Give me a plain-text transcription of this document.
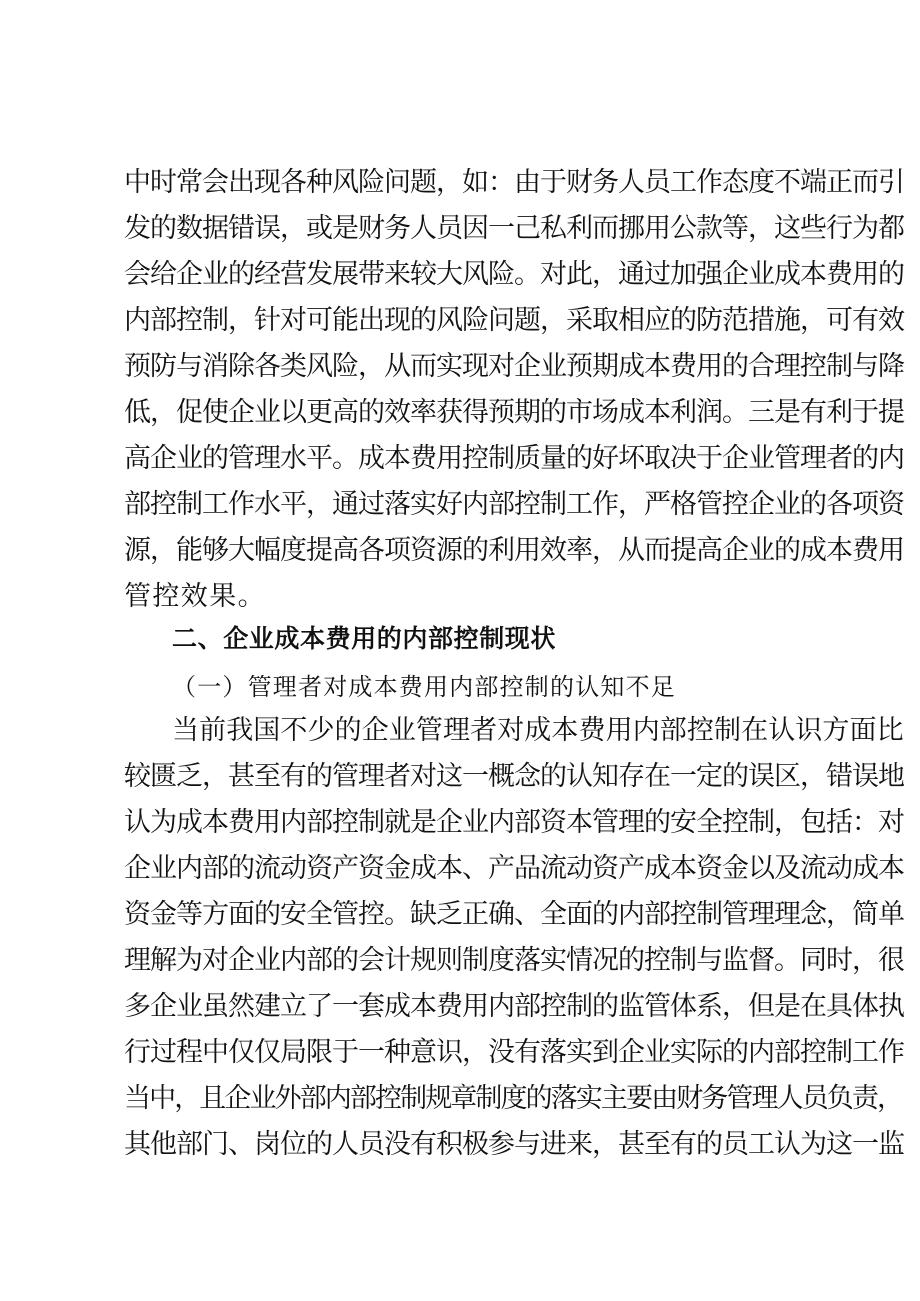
中时常会出现各种风险问题，如：由于财务人员工作态度不端正而引
发的数据错误，或是财务人员因一己私利而挪用公款等，这些行为都
会给企业的经营发展带来较大风险。对此，通过加强企业成本费用的
内部控制，针对可能出现的风险问题，采取相应的防范措施，可有效
预防与消除各类风险，从而实现对企业预期成本费用的合理控制与降
低，促使企业以更高的效率获得预期的市场成本利润。三是有利于提
高企业的管理水平。成本费用控制质量的好坏取决于企业管理者的内
部控制工作水平，通过落实好内部控制工作，严格管控企业的各项资
源，能够大幅度提高各项资源的利用效率，从而提高企业的成本费用
管控效果。
二、企业成本费用的内部控制现状
（一）管理者对成本费用内部控制的认知不足
当前我国不少的企业管理者对成本费用内部控制在认识方面比
较匮乏，甚至有的管理者对这一概念的认知存在一定的误区，错误地
认为成本费用内部控制就是企业内部资本管理的安全控制，包括：对
企业内部的流动资产资金成本、产品流动资产成本资金以及流动成本
资金等方面的安全管控。缺乏正确、全面的内部控制管理理念，简单
理解为对企业内部的会计规则制度落实情况的控制与监督。同时，很
多企业虽然建立了一套成本费用内部控制的监管体系，但是在具体执
行过程中仅仅局限于一种意识，没有落实到企业实际的内部控制工作
当中，且企业外部内部控制规章制度的落实主要由财务管理人员负责，
其他部门、岗位的人员没有积极参与进来，甚至有的员工认为这一监
